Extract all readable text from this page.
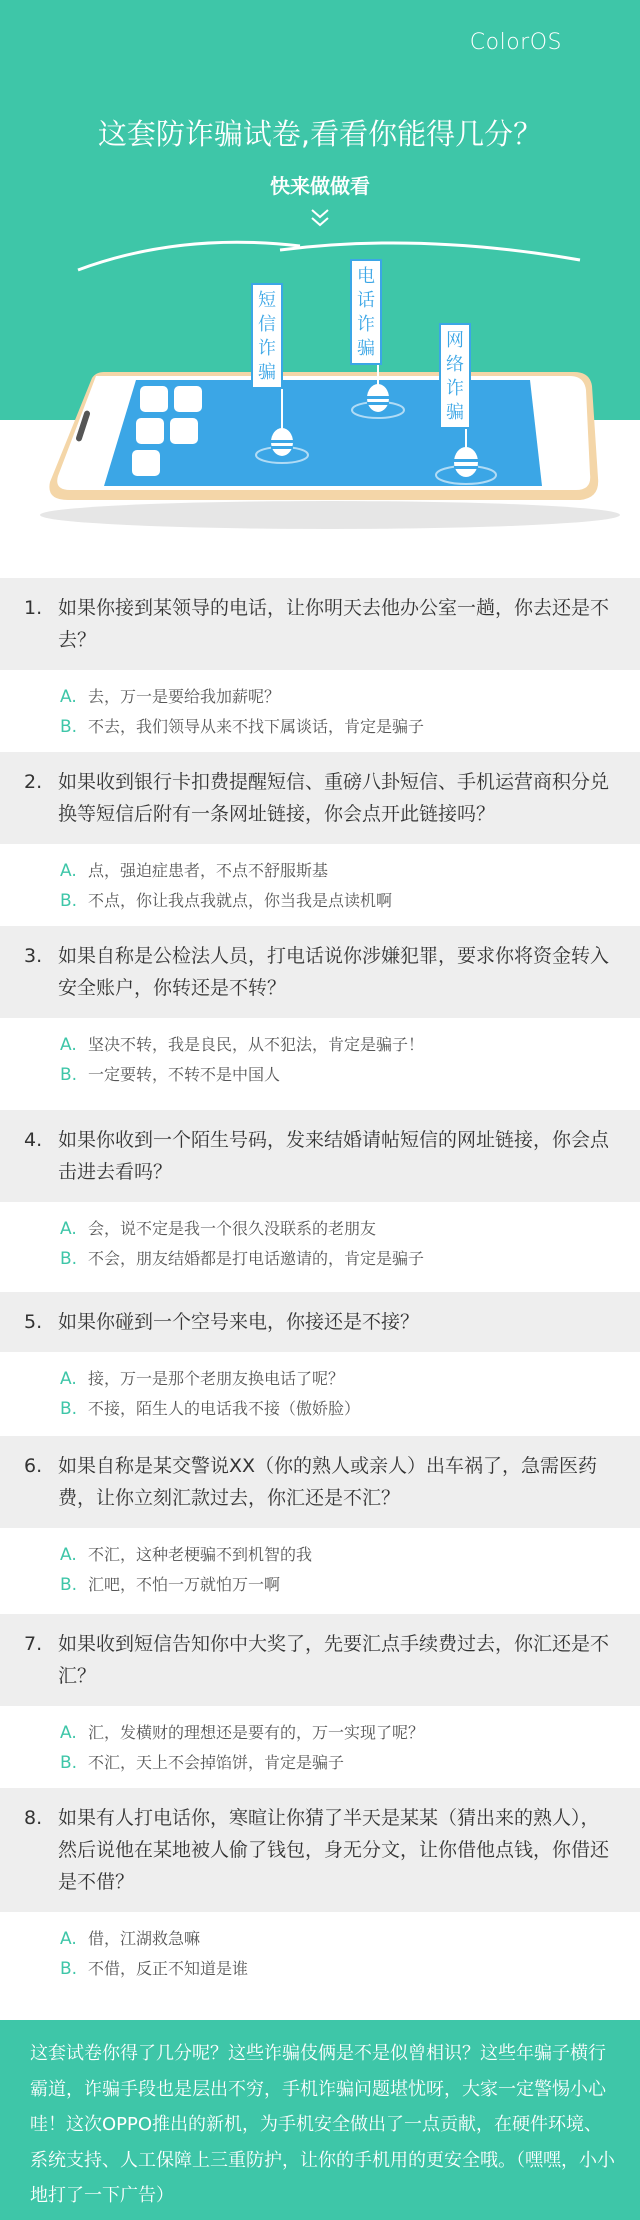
短
信
诈
骗
电
话
诈
骗	网
络
诈
骗
ColorOS
这套防诈骗试卷,看看你能得几分？
快来做做看
1. 如果你接到某领导的电话，让你明天去他办公室一趟，你去还是不去？
A. 去，万一是要给我加薪呢？
B. 不去，我们领导从来不找下属谈话，肯定是骗子
2. 如果收到银行卡扣费提醒短信、重磅八卦短信、手机运营商积分兑换等短信后附有一条网址链接，你会点开此链接吗？
A. 点，强迫症患者，不点不舒服斯基
B. 不点，你让我点我就点，你当我是点读机啊
3. 如果自称是公检法人员，打电话说你涉嫌犯罪，要求你将资金转入安全账户，你转还是不转？
A. 坚决不转，我是良民，从不犯法，肯定是骗子！
B. 一定要转，不转不是中国人
4. 如果你收到一个陌生号码，发来结婚请帖短信的网址链接，你会点击进去看吗？
A. 会，说不定是我一个很久没联系的老朋友
B. 不会，朋友结婚都是打电话邀请的，肯定是骗子
5. 如果你碰到一个空号来电，你接还是不接？
A. 接，万一是那个老朋友换电话了呢？
B. 不接，陌生人的电话我不接（傲娇脸）
6. 如果自称是某交警说XX（你的熟人或亲人）出车祸了，急需医药费，让你立刻汇款过去，你汇还是不汇？
A. 不汇，这种老梗骗不到机智的我
B. 汇吧，不怕一万就怕万一啊
7. 如果收到短信告知你中大奖了，先要汇点手续费过去，你汇还是不汇？
A. 汇，发横财的理想还是要有的，万一实现了呢？
B. 不汇，天上不会掉馅饼，肯定是骗子
8. 如果有人打电话你，寒暄让你猜了半天是某某（猜出来的熟人），然后说他在某地被人偷了钱包，身无分文，让你借他点钱，你借还是不借？
A. 借，江湖救急嘛
B. 不借，反正不知道是谁
这套试卷你得了几分呢？这些诈骗伎俩是不是似曾相识？这些年骗子横行霸道，诈骗手段也是层出不穷，手机诈骗问题堪忧呀，大家一定警惕小心哇！这次OPPO推出的新机，为手机安全做出了一点贡献，在硬件环境、系统支持、人工保障上三重防护，让你的手机用的更安全哦。（嘿嘿，小小地打了一下广告）
